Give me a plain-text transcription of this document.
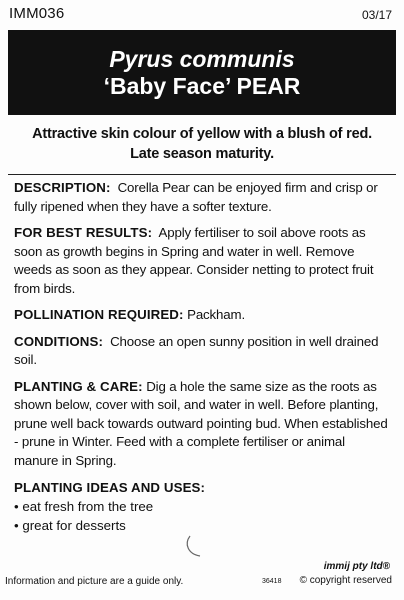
IMM036	03/17
Pyrus communis
‘Baby Face’ PEAR
Attractive skin colour of yellow with a blush of red.
Late season maturity.
DESCRIPTION: Corella Pear can be enjoyed firm and crisp or fully ripened when they have a softer texture.
FOR BEST RESULTS: Apply fertiliser to soil above roots as soon as growth begins in Spring and water in well. Remove weeds as soon as they appear. Consider netting to protect fruit from birds.
POLLINATION REQUIRED: Packham.
CONDITIONS: Choose an open sunny position in well drained soil.
PLANTING & CARE: Dig a hole the same size as the roots as shown below, cover with soil, and water in well. Before planting, prune well back towards outward pointing bud. When established - prune in Winter. Feed with a complete fertiliser or animal manure in Spring.
PLANTING IDEAS AND USES:
• eat fresh from the tree
• great for desserts
Information and picture are a guide only.	36418
immij pty ltd®
© copyright reserved
